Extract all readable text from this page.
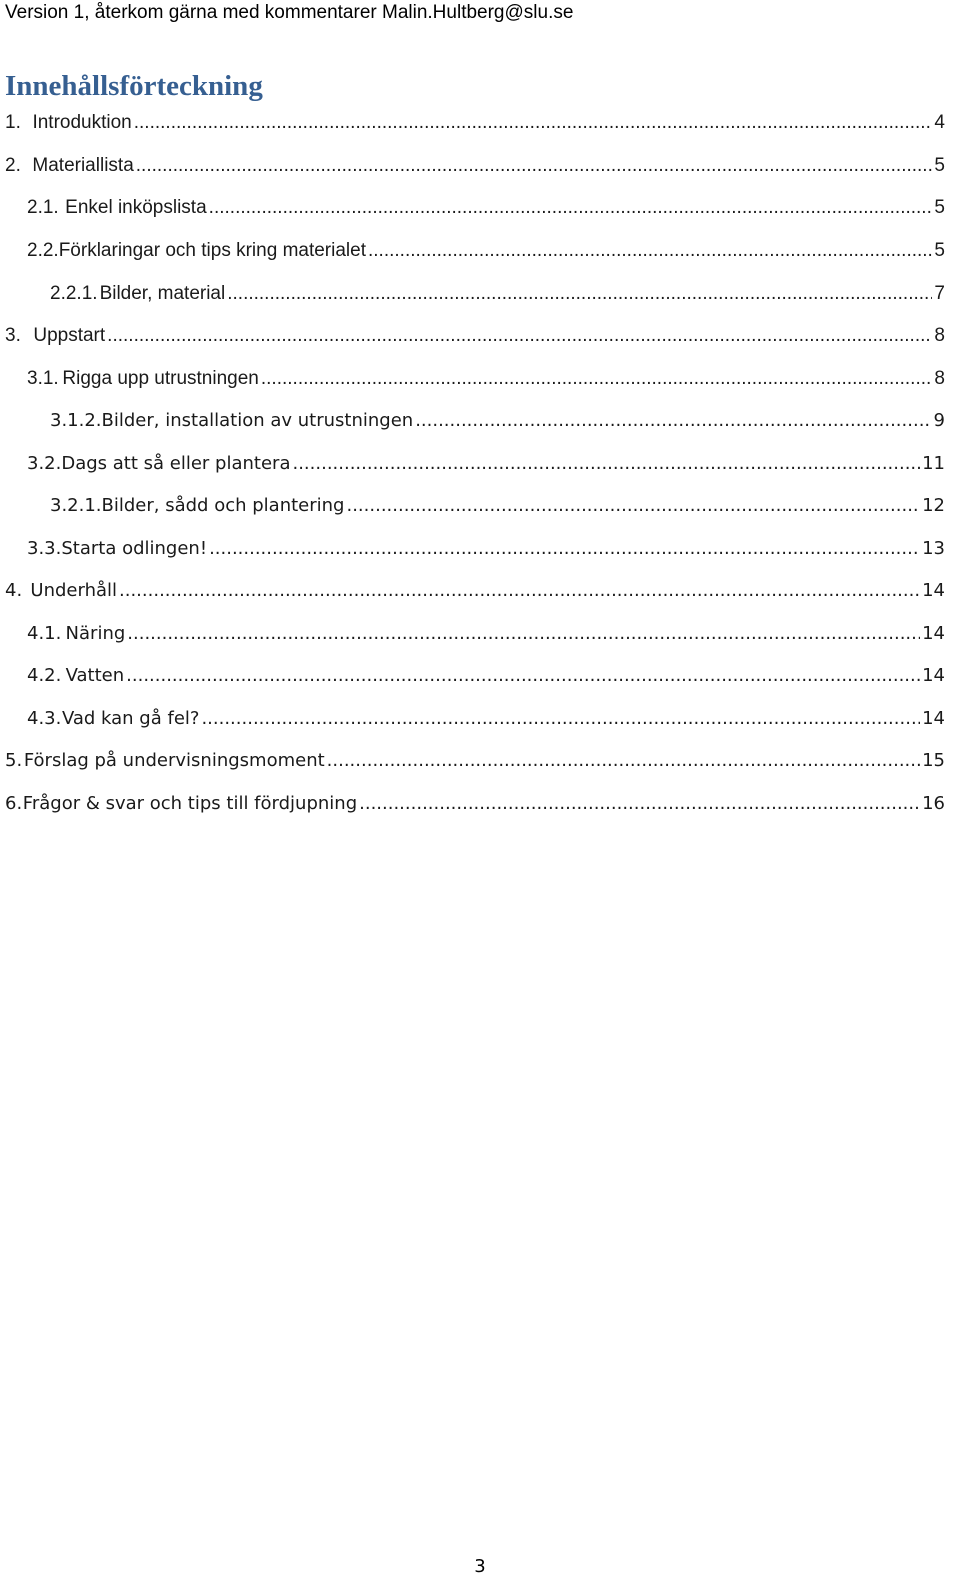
Version 1, återkom gärna med kommentarer Malin.Hultberg@slu.se
Innehållsförteckning
1. Introduktion .....	4
2. Materiallista .....	5
2.1. Enkel inköpslista .....	5
2.2. Förklaringar och tips kring materialet .....	5
2.2.1. Bilder, material .....	7
3. Uppstart .....	8
3.1. Rigga upp utrustningen .....	8
3.1.2. Bilder, installation av utrustningen .....	9
3.2. Dags att så eller plantera .....	11
3.2.1. Bilder, sådd och plantering .....	12
3.3. Starta odlingen! .....	13
4. Underhåll .....	14
4.1. Näring .....	14
4.2. Vatten .....	14
4.3. Vad kan gå fel? .....	14
5. Förslag på undervisningsmoment .....	15
6. Frågor & svar och tips till fördjupning .....	16
3
